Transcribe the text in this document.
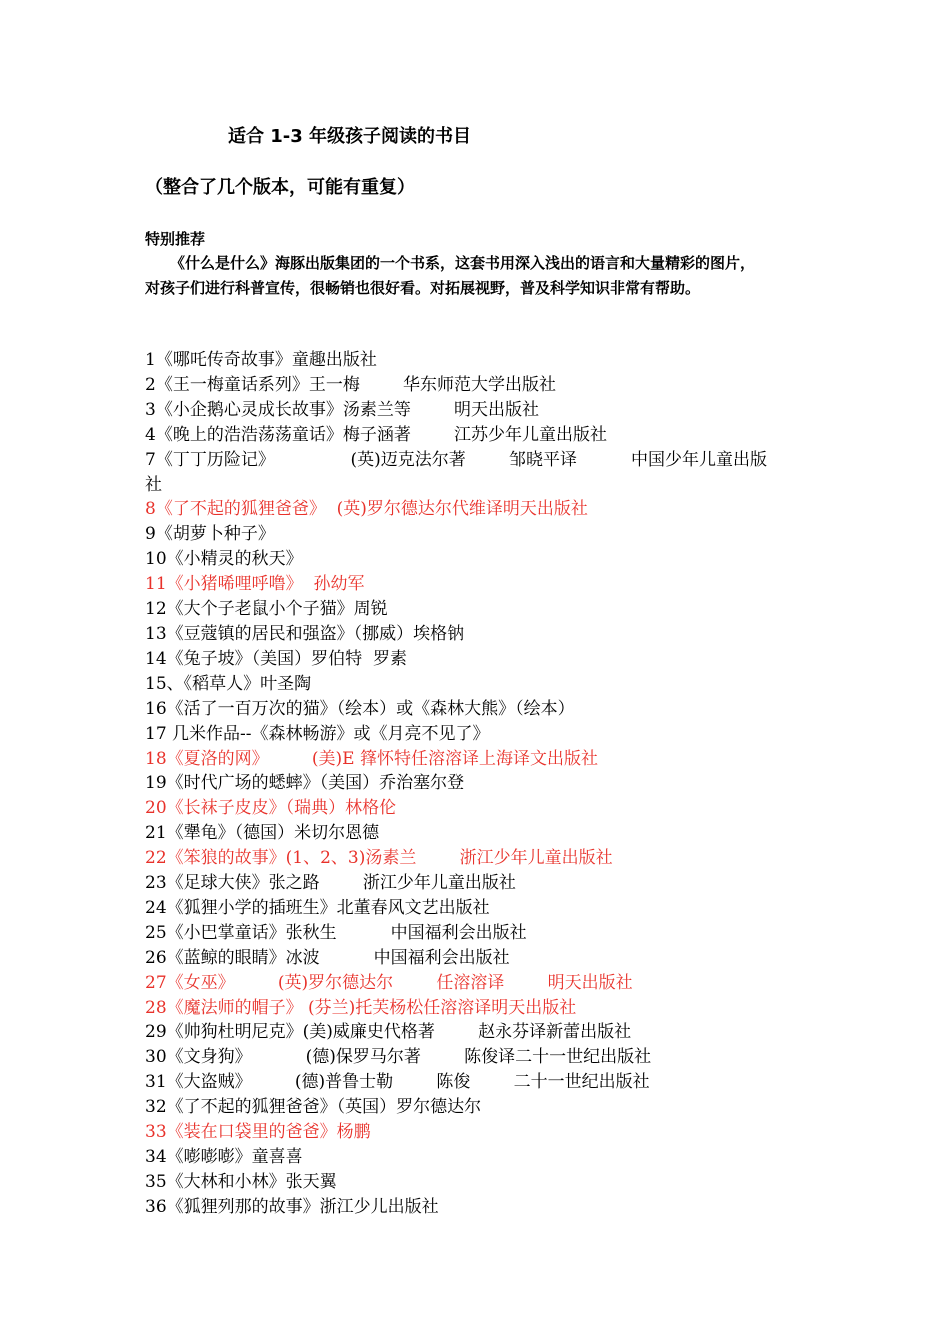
适合 1-3 年级孩子阅读的书目
（整合了几个版本，可能有重复）
特别推荐
《什么是什么》海豚出版集团的一个书系，这套书用深入浅出的语言和大量精彩的图片，
对孩子们进行科普宣传，很畅销也很好看。对拓展视野，普及科学知识非常有帮助。
1《哪吒传奇故事》童趣出版社
2《王一梅童话系列》王一梅        华东师范大学出版社
3《小企鹅心灵成长故事》汤素兰等        明天出版社
4《晚上的浩浩荡荡童话》梅子涵著        江苏少年儿童出版社
7《丁丁历险记》              (英)迈克法尔著        邹晓平译          中国少年儿童出版
社
8《了不起的狐狸爸爸》  (英)罗尔德达尔代维译明天出版社
9《胡萝卜种子》
10《小精灵的秋天》
11《小猪唏哩呼噜》  孙幼军
12《大个子老鼠小个子猫》周锐
13《豆蔻镇的居民和强盗》（挪威）埃格钠
14《兔子坡》（美国）罗伯特  罗素
15、《稻草人》叶圣陶
16《活了一百万次的猫》（绘本）或《森林大熊》（绘本）
17 几米作品--《森林畅游》或《月亮不见了》
18《夏洛的网》        (美)E 箨怀特任溶溶译上海译文出版社
19《时代广场的蟋蟀》（美国）乔治塞尔登
20《长袜子皮皮》（瑞典）林格伦
21《犟龟》（德国）米切尔恩德
22《笨狼的故事》(1、2、3)汤素兰        浙江少年儿童出版社
23《足球大侠》张之路        浙江少年儿童出版社
24《狐狸小学的插班生》北董春风文艺出版社
25《小巴掌童话》张秋生          中国福利会出版社
26《蓝鲸的眼睛》冰波          中国福利会出版社
27《女巫》        (英)罗尔德达尔        任溶溶译        明天出版社
28《魔法师的帽子》 (芬兰)托芙杨松任溶溶译明天出版社
29《帅狗杜明尼克》(美)威廉史代格著        赵永芬译新蕾出版社
30《文身狗》          (德)保罗马尔著        陈俊译二十一世纪出版社
31《大盗贼》        (德)普鲁士勒        陈俊        二十一世纪出版社
32《了不起的狐狸爸爸》（英国）罗尔德达尔
33《装在口袋里的爸爸》杨鹏
34《嘭嘭嘭》童喜喜
35《大林和小林》张天翼
36《狐狸列那的故事》浙江少儿出版社
